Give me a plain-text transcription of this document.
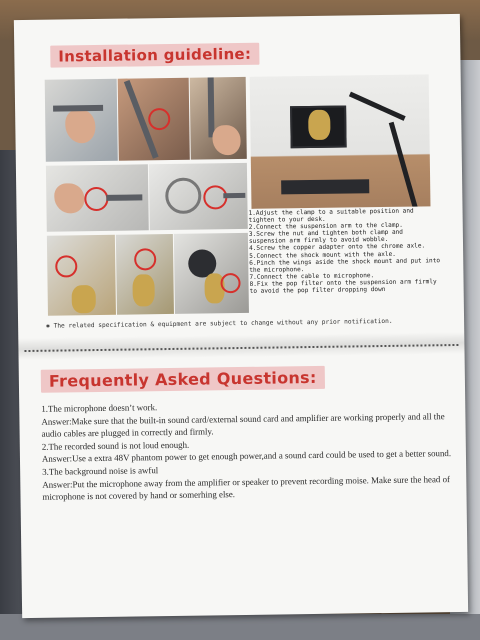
Installation guideline:
1.Adjust the clamp to a suitable position and tighten to your desk.
2.Connect the suspension arm to the clamp.
3.Screw the nut and tighten both clamp and suspension arm firmly to avoid wobble.
4.Screw the copper adapter onto the chrome axle.
5.Connect the shock mount with the axle.
6.Pinch the wings aside the shock mount and put into the microphone.
7.Connect the cable to microphone.
8.Fix the pop filter onto the suspension arm firmly to avoid the pop filter dropping down
✱ The related specification & equipment are subject to change without any prior notification.
Frequently Asked Questions:

1.The microphone doesn’t work.

Answer:Make sure that the built-in sound card/external sound card and amplifier are working properly and all the audio cables are plugged in correctly and firmly.

2.The recorded sound is not loud enough.

Answer:Use a extra 48V phantom power to get enough power,and a sound card could be used to get a better sound.

3.The background noise is awful

Answer:Put the microphone away from the amplifier or speaker to prevent recording moise. Make sure the head of microphone is not covered by hand or somerhing else.
